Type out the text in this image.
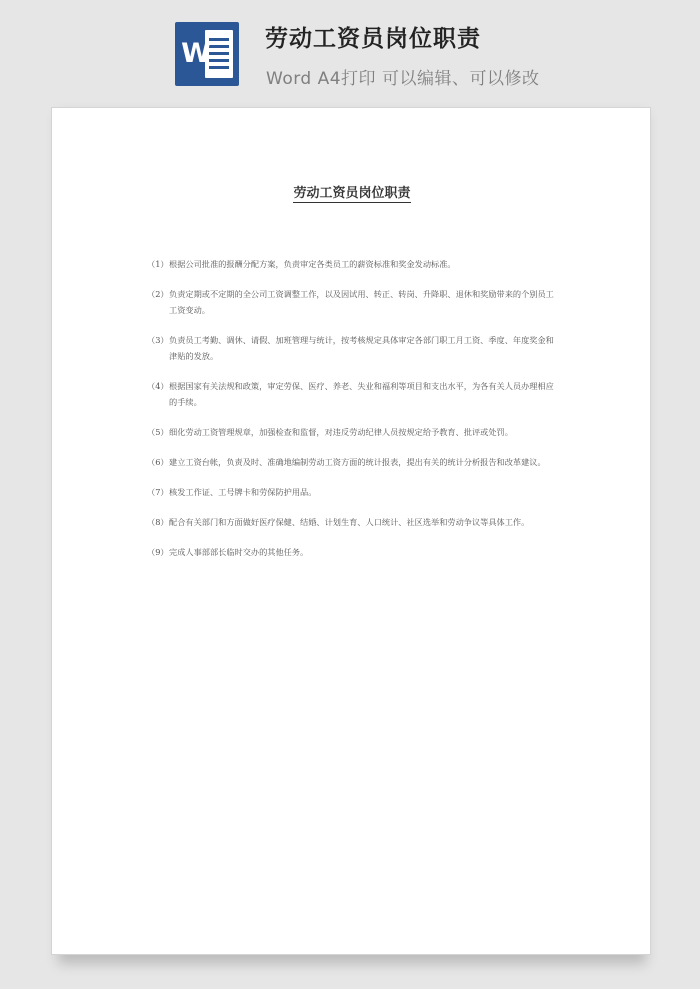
W 劳动工资员岗位职责
Word A4打印 可以编辑、可以修改
劳动工资员岗位职责

（1） 根据公司批准的报酬分配方案，负责审定各类员工的薪资标准和奖金发动标准。

（2） 负责定期或不定期的全公司工资调整工作，以及因试用、转正、转岗、升降职、退休和奖励带来的个别员工工资变动。

（3） 负责员工考勤、调休、请假、加班管理与统计，按考核规定具体审定各部门职工月工资、季度、年度奖金和津贴的发放。

（4） 根据国家有关法规和政策，审定劳保、医疗、养老、失业和福利等项目和支出水平，为各有关人员办理相应的手续。

（5） 细化劳动工资管理规章，加强检查和监督，对违反劳动纪律人员按规定给予教育、批评或处罚。

（6） 建立工资台帐，负责及时、准确地编制劳动工资方面的统计报表，提出有关的统计分析报告和改革建议。

（7） 核发工作证、工号牌卡和劳保防护用品。

（8） 配合有关部门和方面做好医疗保健、结婚、计划生育、人口统计、社区选举和劳动争议等具体工作。

（9） 完成人事部部长临时交办的其他任务。
